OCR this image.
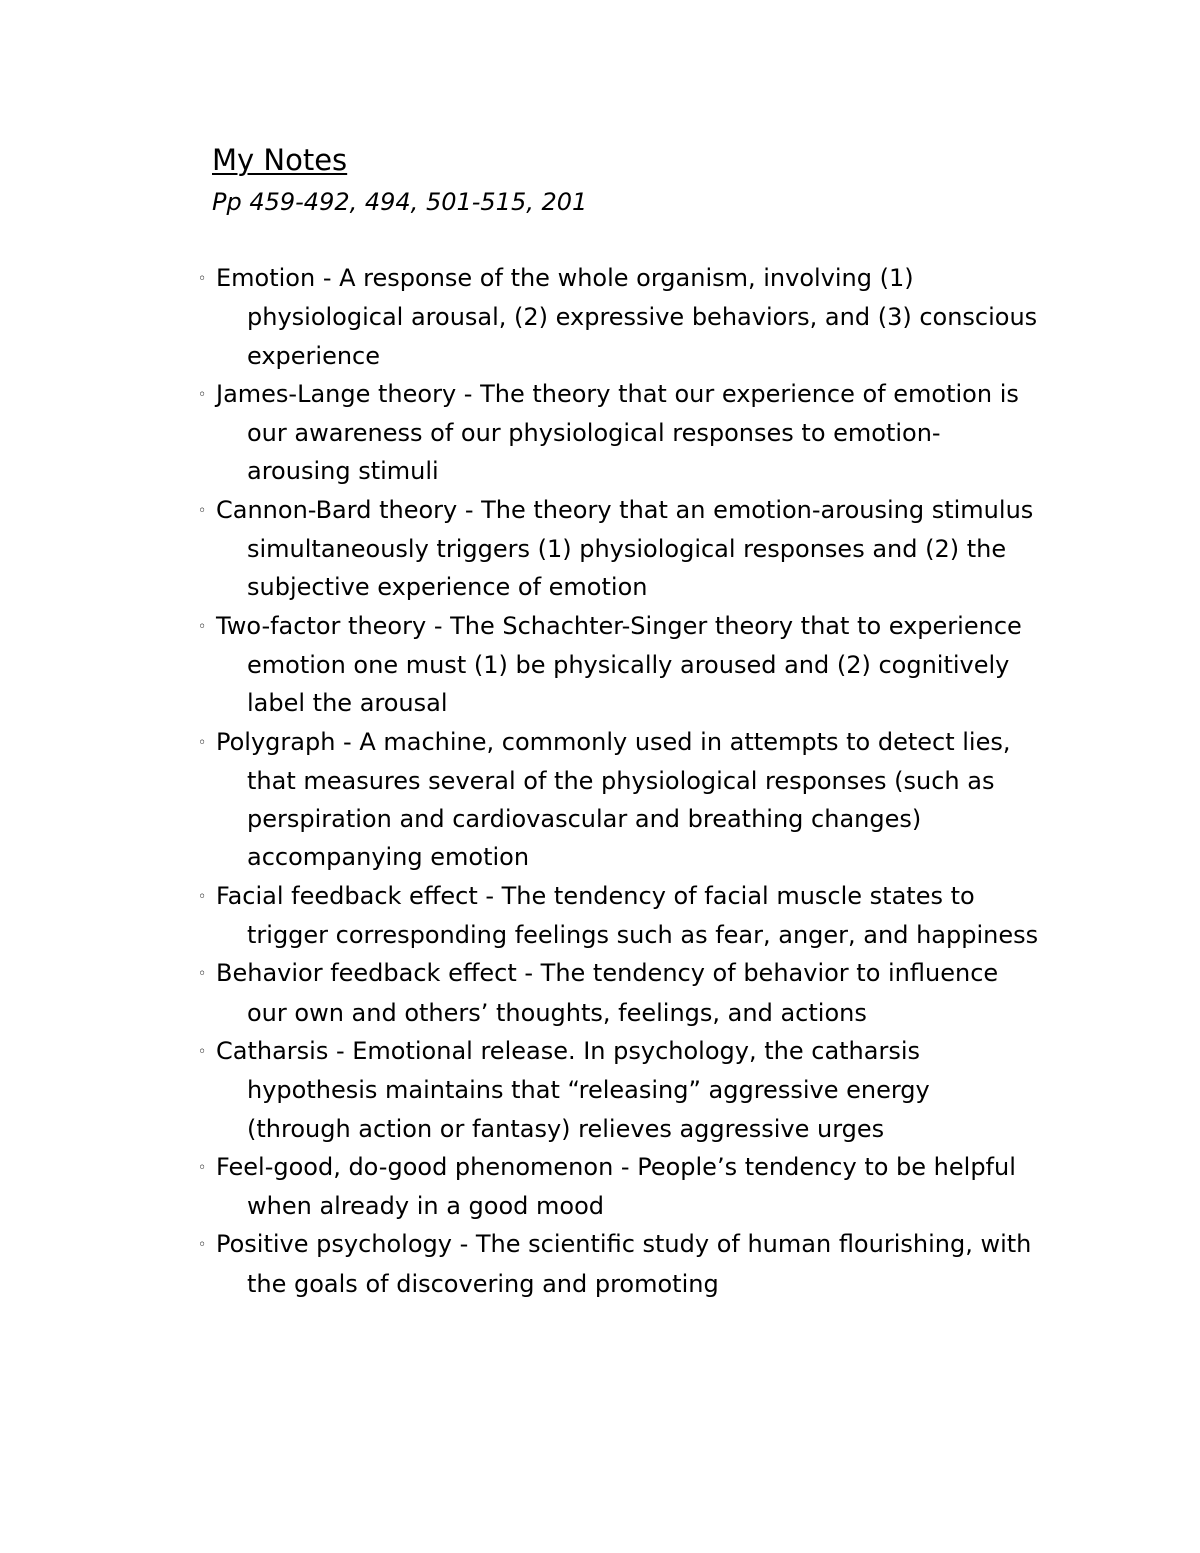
My Notes

Pp 459-492, 494, 501-515, 201

◦ Emotion - A response of the whole organism, involving (1) physiological arousal, (2) expressive behaviors, and (3) conscious experience
◦ James-Lange theory - The theory that our experience of emotion is our awareness of our physiological responses to emotion-arousing stimuli
◦ Cannon-Bard theory - The theory that an emotion-arousing stimulus simultaneously triggers (1) physiological responses and (2) the subjective experience of emotion
◦ Two-factor theory - The Schachter-Singer theory that to experience emotion one must (1) be physically aroused and (2) cognitively label the arousal
◦ Polygraph - A machine, commonly used in attempts to detect lies, that measures several of the physiological responses (such as perspiration and cardiovascular and breathing changes) accompanying emotion
◦ Facial feedback effect - The tendency of facial muscle states to trigger corresponding feelings such as fear, anger, and happiness
◦ Behavior feedback effect - The tendency of behavior to influence our own and others’ thoughts, feelings, and actions
◦ Catharsis - Emotional release. In psychology, the catharsis hypothesis maintains that “releasing” aggressive energy (through action or fantasy) relieves aggressive urges
◦ Feel-good, do-good phenomenon - People’s tendency to be helpful when already in a good mood
◦ Positive psychology - The scientific study of human flourishing, with the goals of discovering and promoting
